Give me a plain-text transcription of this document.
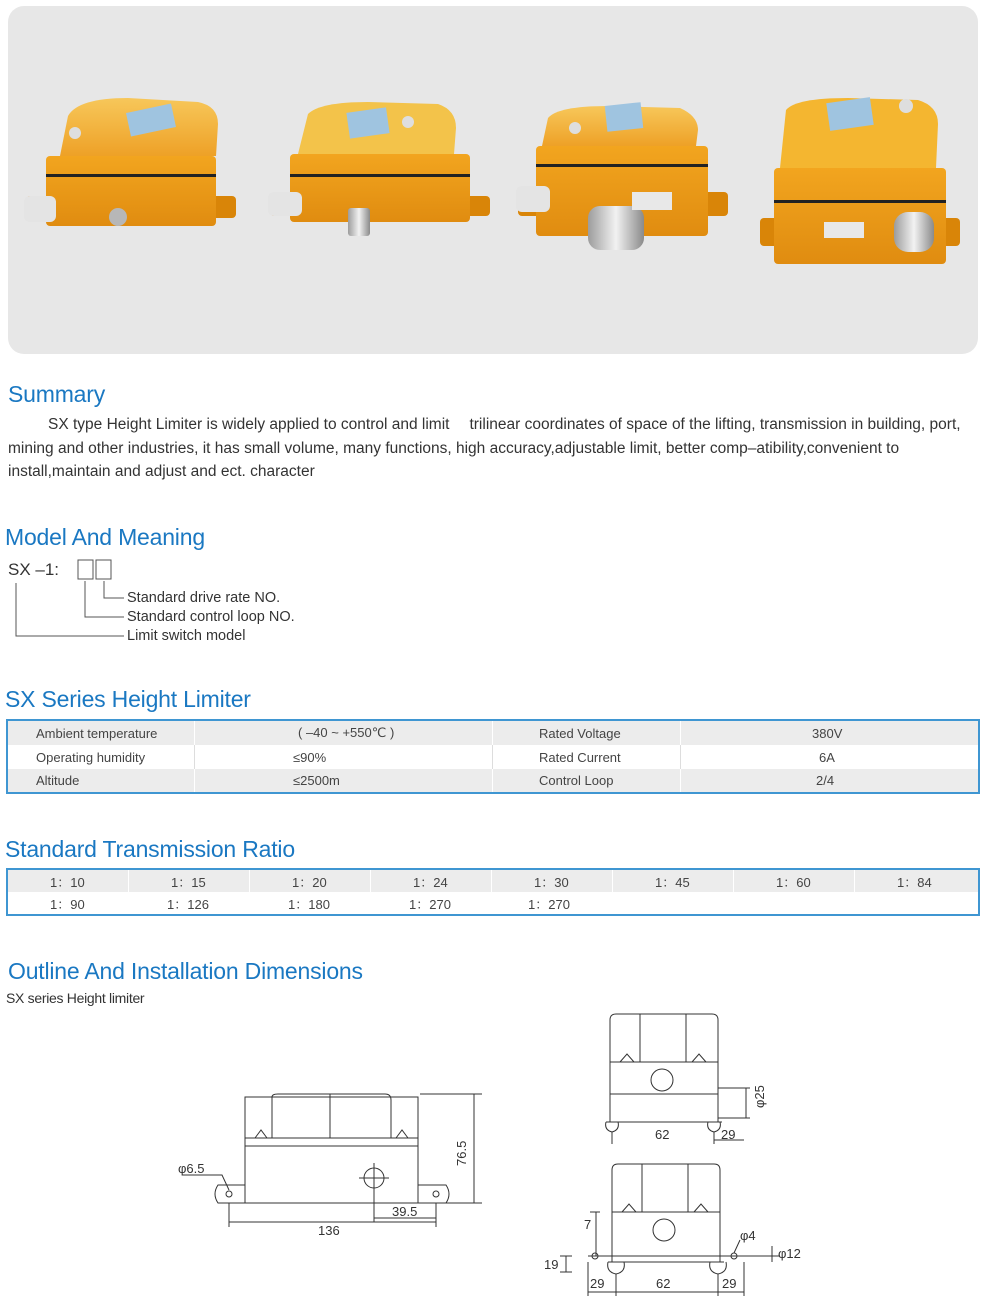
Summary
SX type Height Limiter is widely applied to control and limit trilinear coordinates of space of the lifting, transmission in building, port, mining and other industries, it has small volume, many functions, high accuracy,adjustable limit, better comp–atibility,convenient to install,maintain and adjust and ect. character
Model And Meaning
SX –1:
Standard drive rate NO.
Standard control loop NO.
Limit switch model
SX Series Height Limiter
Ambient temperature	( –40 ~ +550℃ )	Rated Voltage	380V
Operating humidity	≤90%	Rated Current	6A
Altitude	≤2500m	Control Loop	2/4
Standard Transmission Ratio
1：10	1：15	1：20	1：24	1：30	1：45	1：60	1：84
1：90	1：126	1：180	1：270	1：270
Outline And Installation Dimensions
SX series Height limiter
φ6.5
76.5
39.5
136
φ25
62	29
7
φ4
φ12
19
29	62	29
